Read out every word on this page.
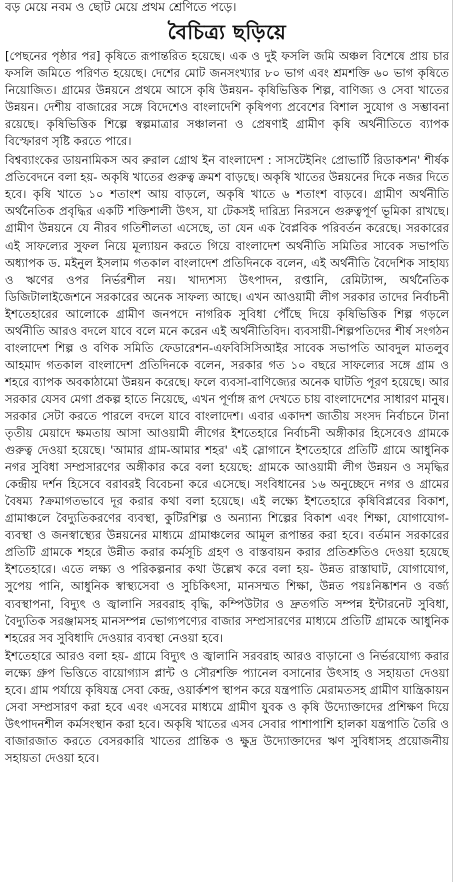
বড় মেয়ে নবম ও ছোট মেয়ে প্রথম শ্রেণিতে পড়ে।
বৈচিত্র্য ছড়িয়ে

[পেছনের পৃষ্ঠার পর] কৃষিতে রূপান্তরিত হয়েছে। এক ও দুই ফসলি জমি অঞ্চল বিশেষে প্রায় চার ফসলি জমিতে পরিণত হয়েছে। দেশের মোট জনসংখ্যার ৮০ ভাগ এবং শ্রমশক্তি ৬০ ভাগ কৃষিতে নিয়োজিত। গ্রামের উন্নয়নে প্রথমে আসে কৃষি উন্নয়ন- কৃষিভিত্তিক শিল্প, বাণিজ্য ও সেবা খাতের উন্নয়ন। দেশীয় বাজারের সঙ্গে বিদেশেও বাংলাদেশি কৃষিপণ্য প্রবেশের বিশাল সুযোগ ও সম্ভাবনা রয়েছে। কৃষিভিত্তিক শিল্পে স্বল্পমাত্রার সঞ্চালনা ও প্রেষণাই গ্রামীণ কৃষি অর্থনীতিতে ব্যাপক বিস্ফোরণ সৃষ্টি করতে পারে।

বিশ্বব্যাংকের ডায়নামিকস অব রুরাল গ্রোথ ইন বাংলাদেশ : সাসটেইনিং প্রোভার্টি রিডাকশন' শীর্ষক প্রতিবেদনে বলা হয়- অকৃষি খাতের গুরুত্ব ক্রমশ বাড়ছে। অকৃষি খাতের উন্নয়নের দিকে নজর দিতে হবে। কৃষি খাতে ১০ শতাংশ আয় বাড়লে, অকৃষি খাতে ৬ শতাংশ বাড়বে। গ্রামীণ অর্থনীতি অর্থনৈতিক প্রবৃদ্ধির একটি শক্তিশালী উৎস, যা টেকসই দারিদ্র্য নিরসনে গুরুত্বপূর্ণ ভূমিকা রাখছে। গ্রামীণ উন্নয়নে যে নীরব গতিশীলতা এসেছে, তা যেন এক বৈপ্লবিক পরিবর্তন করেছে। সরকারের এই সাফল্যের সুফল নিয়ে মূল্যায়ন করতে গিয়ে বাংলাদেশ অর্থনীতি সমিতির সাবেক সভাপতি অধ্যাপক ড. মইনুল ইসলাম গতকাল বাংলাদেশ প্রতিদিনকে বলেন, এই অর্থনীতি বৈদেশিক সাহায্য ও ঋণের ওপর নির্ভরশীল নয়। খাদ্যশস্য উৎপাদন, রপ্তানি, রেমিট্যান্স, অর্থনৈতিক ডিজিটালাইজেশনে সরকারের অনেক সাফল্য আছে। এখন আওয়ামী লীগ সরকার তাদের নির্বাচনী ইশতেহারের আলোকে গ্রামীণ জনপদে নাগরিক সুবিধা পৌঁছে দিয়ে কৃষিভিত্তিক শিল্প গড়লে অর্থনীতি আরও বদলে যাবে বলে মনে করেন এই অর্থনীতিবিদ। ব্যবসায়ী-শিল্পপতিদের শীর্ষ সংগঠন বাংলাদেশ শিল্প ও বণিক সমিতি ফেডারেশন-এফবিসিসিআইর সাবেক সভাপতি আবদুল মাতলুব আহমাদ গতকাল বাংলাদেশ প্রতিদিনকে বলেন, সরকার গত ১০ বছরে সাফল্যের সঙ্গে গ্রাম ও শহরে ব্যাপক অবকাঠামো উন্নয়ন করেছে। ফলে ব্যবসা-বাণিজ্যের অনেক ঘাটতি পূরণ হয়েছে। আর সরকার যেসব মেগা প্রকল্প হাতে নিয়েছে, এখন পূর্ণাঙ্গ রূপ দেখতে চায় বাংলাদেশের সাধারণ মানুষ। সরকার সেটা করতে পারলে বদলে যাবে বাংলাদেশ। এবার একাদশ জাতীয় সংসদ নির্বাচনে টানা তৃতীয় মেয়াদে ক্ষমতায় আসা আওয়ামী লীগের ইশতেহারে নির্বাচনী অঙ্গীকার হিসেবেও গ্রামকে গুরুত্ব দেওয়া হয়েছে। 'আমার গ্রাম-আমার শহর' এই স্লোগানে ইশতেহারে প্রতিটি গ্রামে আধুনিক নগর সুবিধা সম্প্রসারণের অঙ্গীকার করে বলা হয়েছে: গ্রামকে আওয়ামী লীগ উন্নয়ন ও সমৃদ্ধির কেন্দ্রীয় দর্শন হিসেবে বরাবরই বিবেচনা করে এসেছে। সংবিধানের ১৬ অনুচ্ছেদে নগর ও গ্রামের বৈষম্য ?ক্রমাগতভাবে দূর করার কথা বলা হয়েছে। এই লক্ষ্যে ইশতেহারে কৃষিবিপ্লবের বিকাশ, গ্রামাঞ্চলে বৈদ্যুতিকরণের ব্যবস্থা, কুটিরশিল্প ও অন্যান্য শিল্পের বিকাশ এবং শিক্ষা, যোগাযোগ-ব্যবস্থা ও জনস্বাস্থ্যের উন্নয়নের মাধ্যমে গ্রামাঞ্চলের আমূল রূপান্তর করা হবে। বর্তমান সরকারের প্রতিটি গ্রামকে শহরে উন্নীত করার কর্মসূচি গ্রহণ ও বাস্তবায়ন করার প্রতিশ্রুতিও দেওয়া হয়েছে ইশতেহারে। এতে লক্ষ্য ও পরিকল্পনার কথা উল্লেখ করে বলা হয়- উন্নত রাস্তাঘাট, যোগাযোগ, সুপেয় পানি, আধুনিক স্বাস্থ্যসেবা ও সুচিকিৎসা, মানসম্মত শিক্ষা, উন্নত পয়ঃনিষ্কাশন ও বর্জ্য ব্যবস্থাপনা, বিদ্যুৎ ও জ্বালানি সরবরাহ বৃদ্ধি, কম্পিউটার ও দ্রুতগতি সম্পন্ন ইন্টারনেট সুবিধা, বৈদ্যুতিক সরঞ্জামসহ মানসম্পন্ন ভোগ্যপণ্যের বাজার সম্প্রসারণের মাধ্যমে প্রতিটি গ্রামকে আধুনিক শহরের সব সুবিধাদি দেওয়ার ব্যবস্থা নেওয়া হবে।

ইশতেহারে আরও বলা হয়- গ্রামে বিদ্যুৎ ও জ্বালানি সরবরাহ আরও বাড়ানো ও নির্ভরযোগ্য করার লক্ষ্যে গ্রুপ ভিত্তিতে বায়োগ্যাস প্লান্ট ও সৌরশক্তি প্যানেল বসানোর উৎসাহ ও সহায়তা দেওয়া হবে। গ্রাম পর্যায়ে কৃষিযন্ত্র সেবা কেন্দ্র, ওয়ার্কশপ স্থাপন করে যন্ত্রপাতি মেরামতসহ গ্রামীণ যান্ত্রিকায়ন সেবা সম্প্রসারণ করা হবে এবং এসবের মাধ্যমে গ্রামীণ যুবক ও কৃষি উদ্যোক্তাদের প্রশিক্ষণ দিয়ে উৎপাদনশীল কর্মসংস্থান করা হবে। অকৃষি খাতের এসব সেবার পাশাপাশি হালকা যন্ত্রপাতি তৈরি ও বাজারজাত করতে বেসরকারি খাতের প্রান্তিক ও ক্ষুদ্র উদ্যোক্তাদের ঋণ সুবিধাসহ প্রয়োজনীয় সহায়তা দেওয়া হবে।
